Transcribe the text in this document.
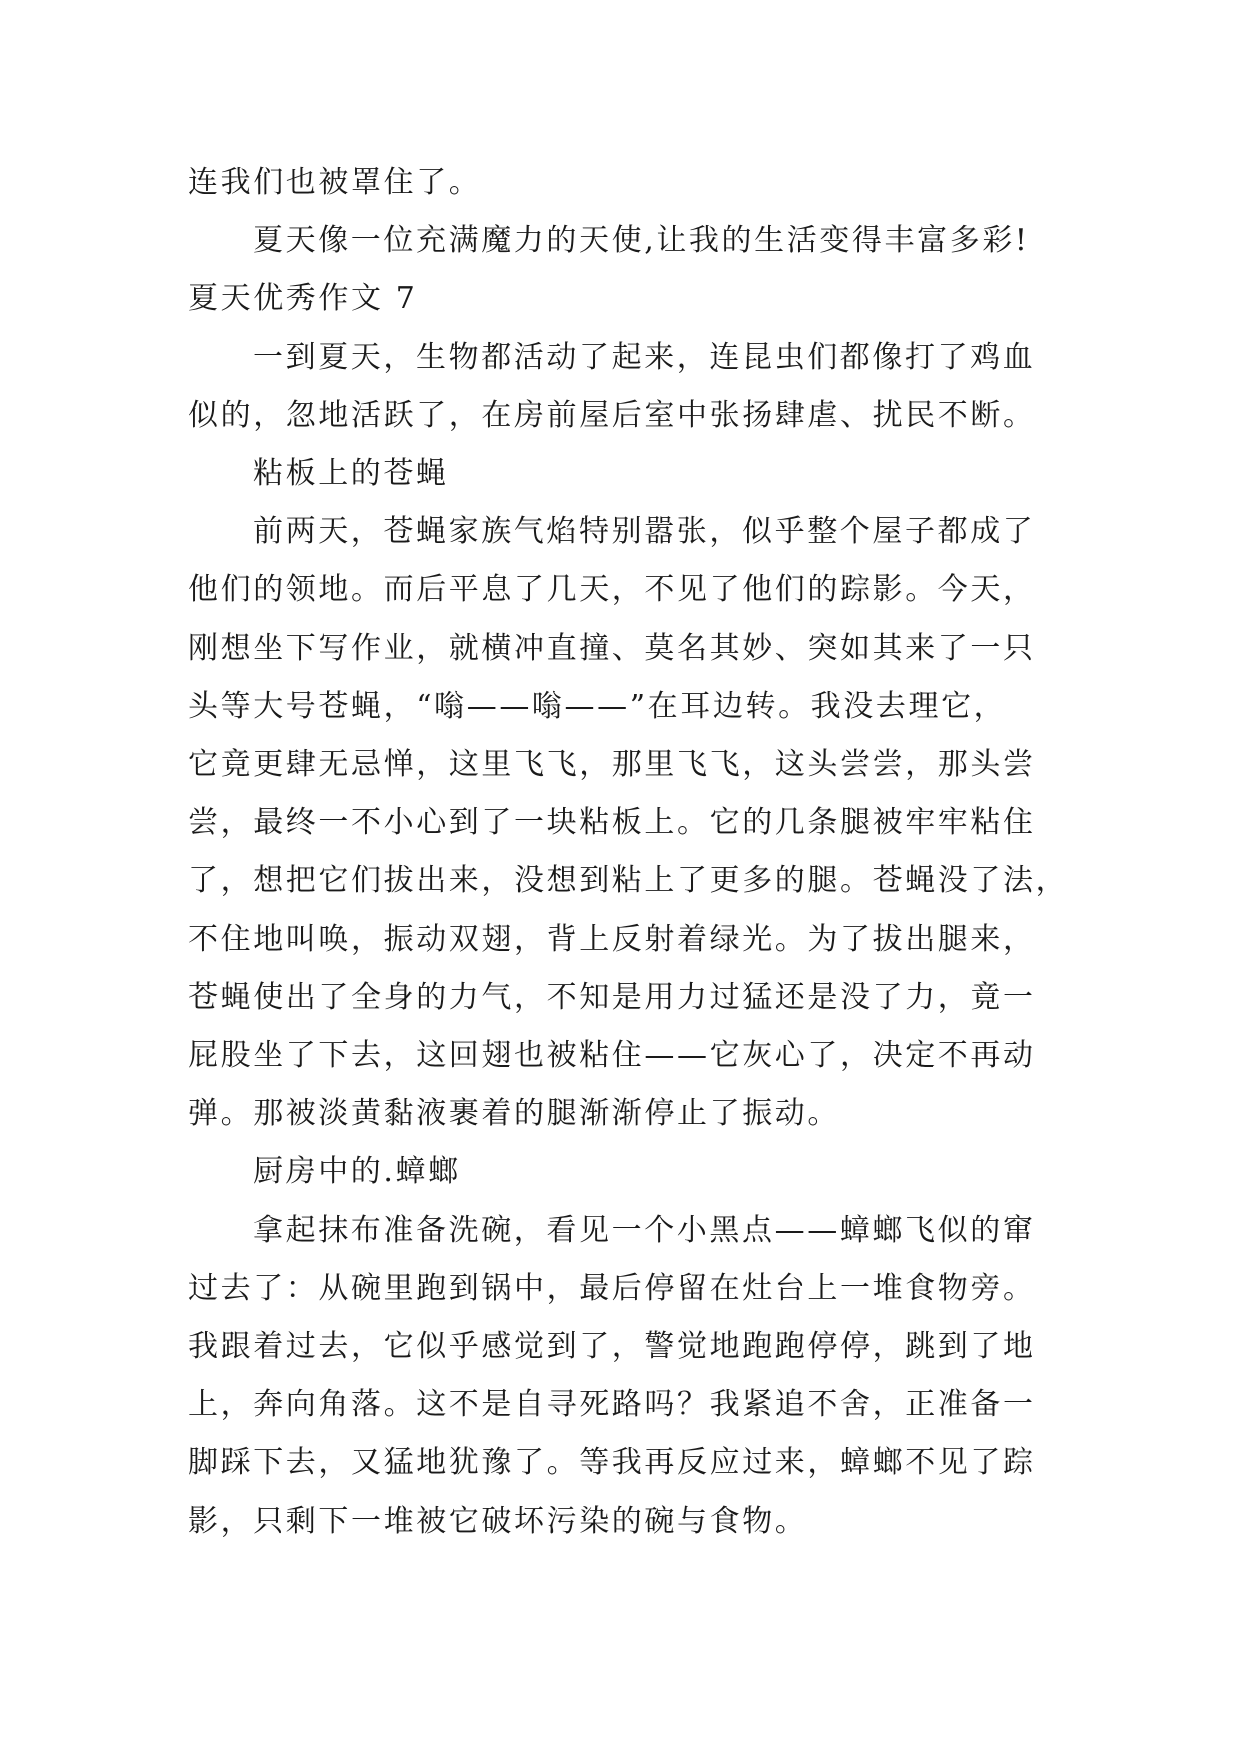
连我们也被罩住了。
夏天像一位充满魔力的天使,让我的生活变得丰富多彩!
夏天优秀作文 7
一到夏天，生物都活动了起来，连昆虫们都像打了鸡血
似的，忽地活跃了，在房前屋后室中张扬肆虐、扰民不断。
粘板上的苍蝇
前两天，苍蝇家族气焰特别嚣张，似乎整个屋子都成了
他们的领地。而后平息了几天，不见了他们的踪影。今天，
刚想坐下写作业，就横冲直撞、莫名其妙、突如其来了一只
头等大号苍蝇，“嗡——嗡——”在耳边转。我没去理它，
它竟更肆无忌惮，这里飞飞，那里飞飞，这头尝尝，那头尝
尝，最终一不小心到了一块粘板上。它的几条腿被牢牢粘住
了，想把它们拔出来，没想到粘上了更多的腿。苍蝇没了法，
不住地叫唤，振动双翅，背上反射着绿光。为了拔出腿来，
苍蝇使出了全身的力气，不知是用力过猛还是没了力，竟一
屁股坐了下去，这回翅也被粘住——它灰心了，决定不再动
弹。那被淡黄黏液裹着的腿渐渐停止了振动。
厨房中的.蟑螂
拿起抹布准备洗碗，看见一个小黑点——蟑螂飞似的窜
过去了：从碗里跑到锅中，最后停留在灶台上一堆食物旁。
我跟着过去，它似乎感觉到了，警觉地跑跑停停，跳到了地
上，奔向角落。这不是自寻死路吗？我紧追不舍，正准备一
脚踩下去，又猛地犹豫了。等我再反应过来，蟑螂不见了踪
影，只剩下一堆被它破坏污染的碗与食物。
